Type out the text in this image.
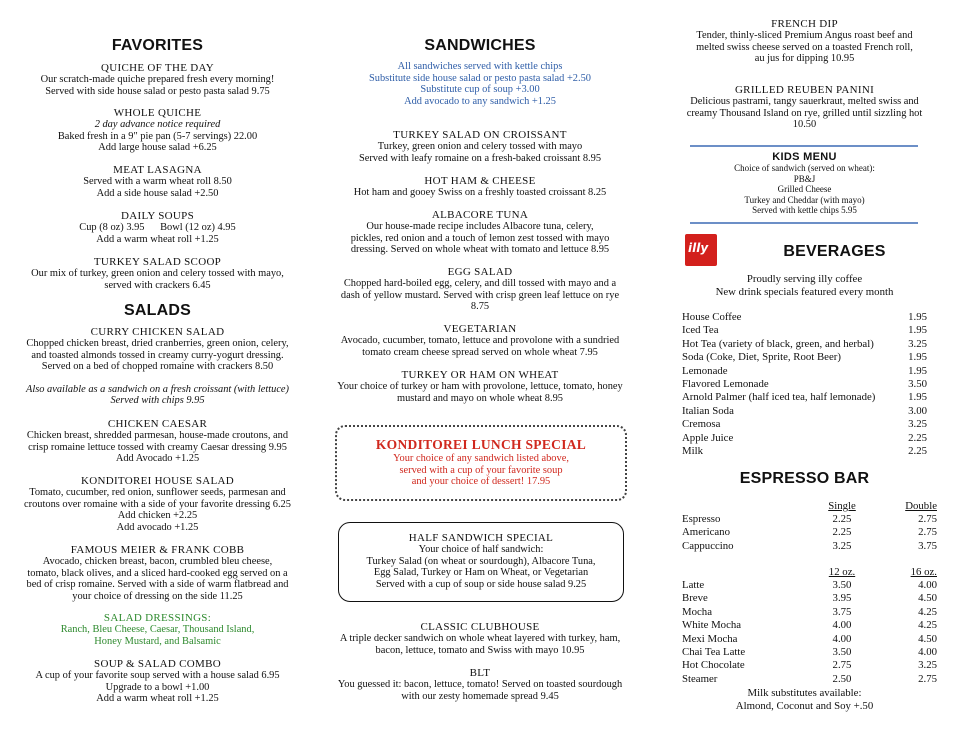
FAVORITES

QUICHE OF THE DAY

Our scratch-made quiche prepared fresh every morning!

Served with side house salad or pesto pasta salad 9.75

WHOLE QUICHE

2 day advance notice required

Baked fresh in a 9" pie pan (5-7 servings) 22.00

Add large house salad +6.25

MEAT LASAGNA

Served with a warm wheat roll 8.50

Add a side house salad +2.50

DAILY SOUPS

Cup (8 oz) 3.95      Bowl (12 oz) 4.95

Add a warm wheat roll +1.25

TURKEY SALAD SCOOP

Our mix of turkey, green onion and celery tossed with mayo,

served with crackers 6.45

SALADS

CURRY CHICKEN SALAD

Chopped chicken breast, dried cranberries, green onion, celery,

and toasted almonds tossed in creamy curry-yogurt dressing.

Served on a bed of chopped romaine with crackers 8.50

Also available as a sandwich on a fresh croissant (with lettuce)

Served with chips 9.95

CHICKEN CAESAR

Chicken breast, shredded parmesan, house-made croutons, and

crisp romaine lettuce tossed with creamy Caesar dressing 9.95

Add Avocado +1.25

KONDITOREI HOUSE SALAD

Tomato, cucumber, red onion, sunflower seeds, parmesan and

croutons over romaine with a side of your favorite dressing 6.25

Add chicken +2.25

Add avocado +1.25

FAMOUS MEIER & FRANK COBB

Avocado, chicken breast, bacon, crumbled bleu cheese,

tomato, black olives, and a sliced hard-cooked egg served on a

bed of crisp romaine. Served with a side of warm flatbread and

your choice of dressing on the side 11.25

SALAD DRESSINGS:

Ranch, Bleu Cheese, Caesar, Thousand Island,

Honey Mustard, and Balsamic

SOUP & SALAD COMBO

A cup of your favorite soup served with a house salad 6.95

Upgrade to a bowl +1.00

Add a warm wheat roll +1.25

SANDWICHES

All sandwiches served with kettle chips

Substitute side house salad or pesto pasta salad +2.50

Substitute cup of soup +3.00

Add avocado to any sandwich +1.25

TURKEY SALAD ON CROISSANT

Turkey, green onion and celery tossed with mayo

Served with leafy romaine on a fresh-baked croissant 8.95

HOT HAM & CHEESE

Hot ham and gooey Swiss on a freshly toasted croissant 8.25

ALBACORE TUNA

Our house-made recipe includes Albacore tuna, celery,

pickles, red onion and a touch of lemon zest tossed with mayo

dressing. Served on whole wheat with tomato and lettuce 8.95

EGG SALAD

Chopped hard-boiled egg, celery, and dill tossed with mayo and a

dash of yellow mustard. Served with crisp green leaf lettuce on rye

8.75

VEGETARIAN

Avocado, cucumber, tomato, lettuce and provolone with a sundried

tomato cream cheese spread served on whole wheat 7.95

TURKEY OR HAM ON WHEAT

Your choice of turkey or ham with provolone, lettuce, tomato, honey

mustard and mayo on whole wheat 8.95

KONDITOREI LUNCH SPECIAL

Your choice of any sandwich listed above,

served with a cup of your favorite soup

and your choice of dessert! 17.95

HALF SANDWICH SPECIAL

Your choice of half sandwich:

Turkey Salad (on wheat or sourdough), Albacore Tuna,

Egg Salad, Turkey or Ham on Wheat, or Vegetarian

Served with a cup of soup or side house salad 9.25

CLASSIC CLUBHOUSE

A triple decker sandwich on whole wheat layered with turkey, ham,

bacon, lettuce, tomato and Swiss with mayo 10.95

BLT

You guessed it: bacon, lettuce, tomato! Served on toasted sourdough

with our zesty homemade spread 9.45

FRENCH DIP

Tender, thinly-sliced Premium Angus roast beef and

melted swiss cheese served on a toasted French roll,

au jus for dipping 10.95

GRILLED REUBEN PANINI

Delicious pastrami, tangy sauerkraut, melted swiss and

creamy Thousand Island on rye, grilled until sizzling hot

10.50

KIDS MENU

Choice of sandwich (served on wheat):

PB&J

Grilled Cheese

Turkey and Cheddar (with mayo)

Served with kettle chips 5.95

illy	BEVERAGES

Proudly serving illy coffee

New drink specials featured every month

House Coffee	1.95
Iced Tea	1.95
Hot Tea (variety of black, green, and herbal)	3.25
Soda (Coke, Diet, Sprite, Root Beer)	1.95
Lemonade	1.95
Flavored Lemonade	3.50
Arnold Palmer (half iced tea, half lemonade)	1.95
Italian Soda	3.00
Cremosa	3.25
Apple Juice	2.25
Milk	2.25
ESPRESSO BAR
Single	Double
Espresso	2.25	2.75
Americano	2.25	2.75
Cappuccino	3.25	3.75
12 oz.	16 oz.
Latte	3.50	4.00
Breve	3.95	4.50
Mocha	3.75	4.25
White Mocha	4.00	4.25
Mexi Mocha	4.00	4.50
Chai Tea Latte	3.50	4.00
Hot Chocolate	2.75	3.25
Steamer	2.50	2.75

Milk substitutes available:

Almond, Coconut and Soy +.50
